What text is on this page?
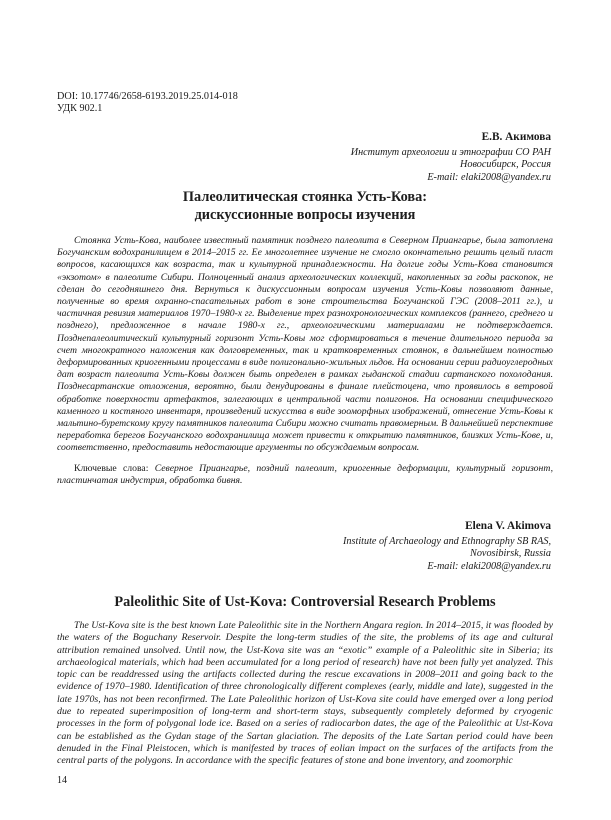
DOI: 10.17746/2658-6193.2019.25.014-018
УДК 902.1
Е.В. Акимова
Институт археологии и этнографии СО РАН
Новосибирск, Россия
E-mail: elaki2008@yandex.ru
Палеолитическая стоянка Усть-Кова:
дискуссионные вопросы изучения

Стоянка Усть-Кова, наиболее известный памятник позднего палеолита в Северном Приангарье, была затоплена Богучанским водохранилищем в 2014–2015 гг. Ее многолетнее изучение не смогло окончательно решить целый пласт вопросов, касающихся как возраста, так и культурной принадлежности. На долгие годы Усть-Кова становится «экзотом» в палеолите Сибири. Полноценный анализ археологических коллекций, накопленных за годы раскопок, не сделан до сегодняшнего дня. Вернуться к дискуссионным вопросам изучения Усть-Ковы позволяют данные, полученные во время охранно-спасательных работ в зоне строительства Богучанской ГЭС (2008–2011 гг.), и частичная ревизия материалов 1970–1980-х гг. Выделение трех разнохронологических комплексов (раннего, среднего и позднего), предложенное в начале 1980-х гг., археологическими материалами не подтверждается. Позднепалеолитический культурный горизонт Усть-Ковы мог сформироваться в течение длительного периода за счет многократного наложения как долговременных, так и кратковременных стоянок, в дальнейшем полностью деформированных криогенными процессами в виде полигонально-жильных льдов. На основании серии радиоуглеродных дат возраст палеолита Усть-Ковы должен быть определен в рамках гыданской стадии сартанского похолодания. Позднесартанские отложения, вероятно, были денудированы в финале плейстоцена, что проявилось в ветровой обработке поверхности артефактов, залегающих в центральной части полигонов. На основании специфического каменного и костяного инвентаря, произведений искусства в виде зооморфных изображений, отнесение Усть-Ковы к мальтино-буретскому кругу памятников палеолита Сибири можно считать правомерным. В дальнейшей перспективе переработка берегов Богучанского водохранилища может привести к открытию памятников, близких Усть-Кове, и, соответственно, предоставить недостающие аргументы по обсуждаемым вопросам.

Ключевые слова: Северное Приангарье, поздний палеолит, криогенные деформации, культурный горизонт, пластинчатая индустрия, обработка бивня.

Elena V. Akimova
Institute of Archaeology and Ethnography SB RAS,
Novosibirsk, Russia
E-mail: elaki2008@yandex.ru
Paleolithic Site of Ust-Kova: Controversial Research Problems

The Ust-Kova site is the best known Late Paleolithic site in the Northern Angara region. In 2014–2015, it was flooded by the waters of the Boguchany Reservoir. Despite the long-term studies of the site, the problems of its age and cultural attribution remained unsolved. Until now, the Ust-Kova site was an “exotic” example of a Paleolithic site in Siberia; its archaeological materials, which had been accumulated for a long period of research) have not been fully yet analyzed. This topic can be readdressed using the artifacts collected during the rescue excavations in 2008–2011 and going back to the evidence of 1970–1980. Identification of three chronologically different complexes (early, middle and late), suggested in the late 1970s, has not been reconfirmed. The Late Paleolithic horizon of Ust-Kova site could have emerged over a long period due to repeated superimposition of long-term and short-term stays, subsequently completely deformed by cryogenic processes in the form of polygonal lode ice. Based on a series of radiocarbon dates, the age of the Paleolithic at Ust-Kova can be established as the Gydan stage of the Sartan glaciation. The deposits of the Late Sartan period could have been denuded in the Final Pleistocen, which is manifested by traces of eolian impact on the surfaces of the artifacts from the central parts of the polygons. In accordance with the specific features of stone and bone inventory, and zoomorphic

14
